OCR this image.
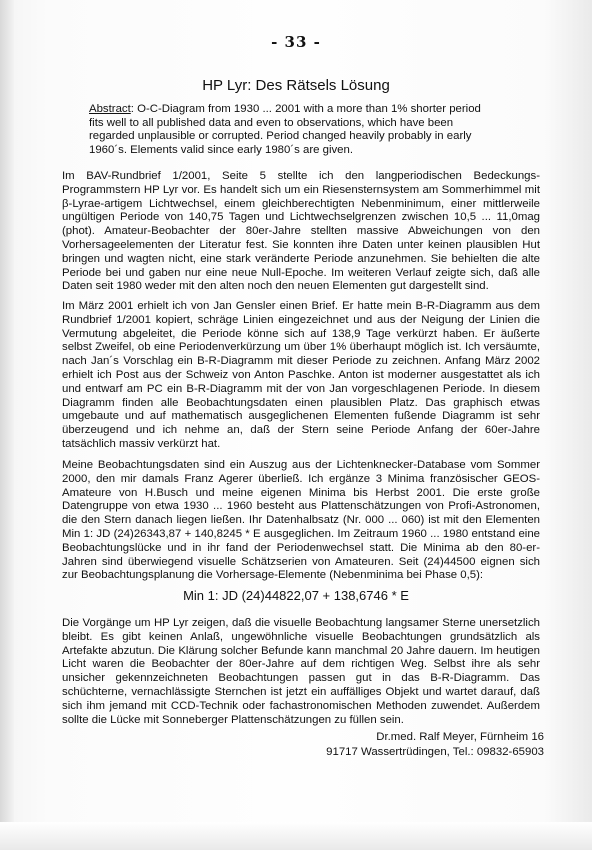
- 33 -
HP Lyr: Des Rätsels Lösung
Abstract: O-C-Diagram from 1930 ... 2001 with a more than 1% shorter period fits well to all published data and even to observations, which have been regarded unplausible or corrupted. Period changed heavily probably in early 1960´s. Elements valid since early 1980´s are given.
Im BAV-Rundbrief 1/2001, Seite 5 stellte ich den langperiodischen Bedeckungs-Programmstern HP Lyr vor. Es handelt sich um ein Riesensternsystem am Sommerhimmel mit β-Lyrae-artigem Lichtwechsel, einem gleichberechtigten Nebenminimum, einer mittlerweile ungültigen Periode von 140,75 Tagen und Lichtwechselgrenzen zwischen 10,5 ... 11,0mag (phot). Amateur-Beobachter der 80er-Jahre stellten massive Abweichungen von den Vorhersageelementen der Literatur fest. Sie konnten ihre Daten unter keinen plausiblen Hut bringen und wagten nicht, eine stark veränderte Periode anzunehmen. Sie behielten die alte Periode bei und gaben nur eine neue Null-Epoche. Im weiteren Verlauf zeigte sich, daß alle Daten seit 1980 weder mit den alten noch den neuen Elementen gut dargestellt sind.
Im März 2001 erhielt ich von Jan Gensler einen Brief. Er hatte mein B-R-Diagramm aus dem Rundbrief 1/2001 kopiert, schräge Linien eingezeichnet und aus der Neigung der Linien die Vermutung abgeleitet, die Periode könne sich auf 138,9 Tage verkürzt haben. Er äußerte selbst Zweifel, ob eine Periodenverkürzung um über 1% überhaupt möglich ist. Ich versäumte, nach Jan´s Vorschlag ein B-R-Diagramm mit dieser Periode zu zeichnen. Anfang März 2002 erhielt ich Post aus der Schweiz von Anton Paschke. Anton ist moderner ausgestattet als ich und entwarf am PC ein B-R-Diagramm mit der von Jan vorgeschlagenen Periode. In diesem Diagramm finden alle Beobachtungsdaten einen plausiblen Platz. Das graphisch etwas umgebaute und auf mathematisch ausgeglichenen Elementen fußende Diagramm ist sehr überzeugend und ich nehme an, daß der Stern seine Periode Anfang der 60er-Jahre tatsächlich massiv verkürzt hat.
Meine Beobachtungsdaten sind ein Auszug aus der Lichtenknecker-Database vom Sommer 2000, den mir damals Franz Agerer überließ. Ich ergänze 3 Minima französischer GEOS-Amateure von H.Busch und meine eigenen Minima bis Herbst 2001. Die erste große Datengruppe von etwa 1930 ... 1960 besteht aus Plattenschätzungen von Profi-Astronomen, die den Stern danach liegen ließen. Ihr Datenhalbsatz (Nr. 000 ... 060) ist mit den Elementen Min 1: JD (24)26343,87 + 140,8245 * E ausgeglichen. Im Zeitraum 1960 ... 1980 entstand eine Beobachtungslücke und in ihr fand der Periodenwechsel statt. Die Minima ab den 80-er-Jahren sind überwiegend visuelle Schätzserien von Amateuren. Seit (24)44500 eignen sich zur Beobachtungsplanung die Vorhersage-Elemente (Nebenminima bei Phase 0,5):
Min 1: JD (24)44822,07 + 138,6746 * E
Die Vorgänge um HP Lyr zeigen, daß die visuelle Beobachtung langsamer Sterne unersetzlich bleibt. Es gibt keinen Anlaß, ungewöhnliche visuelle Beobachtungen grundsätzlich als Artefakte abzutun. Die Klärung solcher Befunde kann manchmal 20 Jahre dauern. Im heutigen Licht waren die Beobachter der 80er-Jahre auf dem richtigen Weg. Selbst ihre als sehr unsicher gekennzeichneten Beobachtungen passen gut in das B-R-Diagramm. Das schüchterne, vernachlässigte Sternchen ist jetzt ein auffälliges Objekt und wartet darauf, daß sich ihm jemand mit CCD-Technik oder fachastronomischen Methoden zuwendet. Außerdem sollte die Lücke mit Sonneberger Plattenschätzungen zu füllen sein.
Dr.med. Ralf Meyer, Fürnheim 16
91717 Wassertrüdingen, Tel.: 09832-65903
